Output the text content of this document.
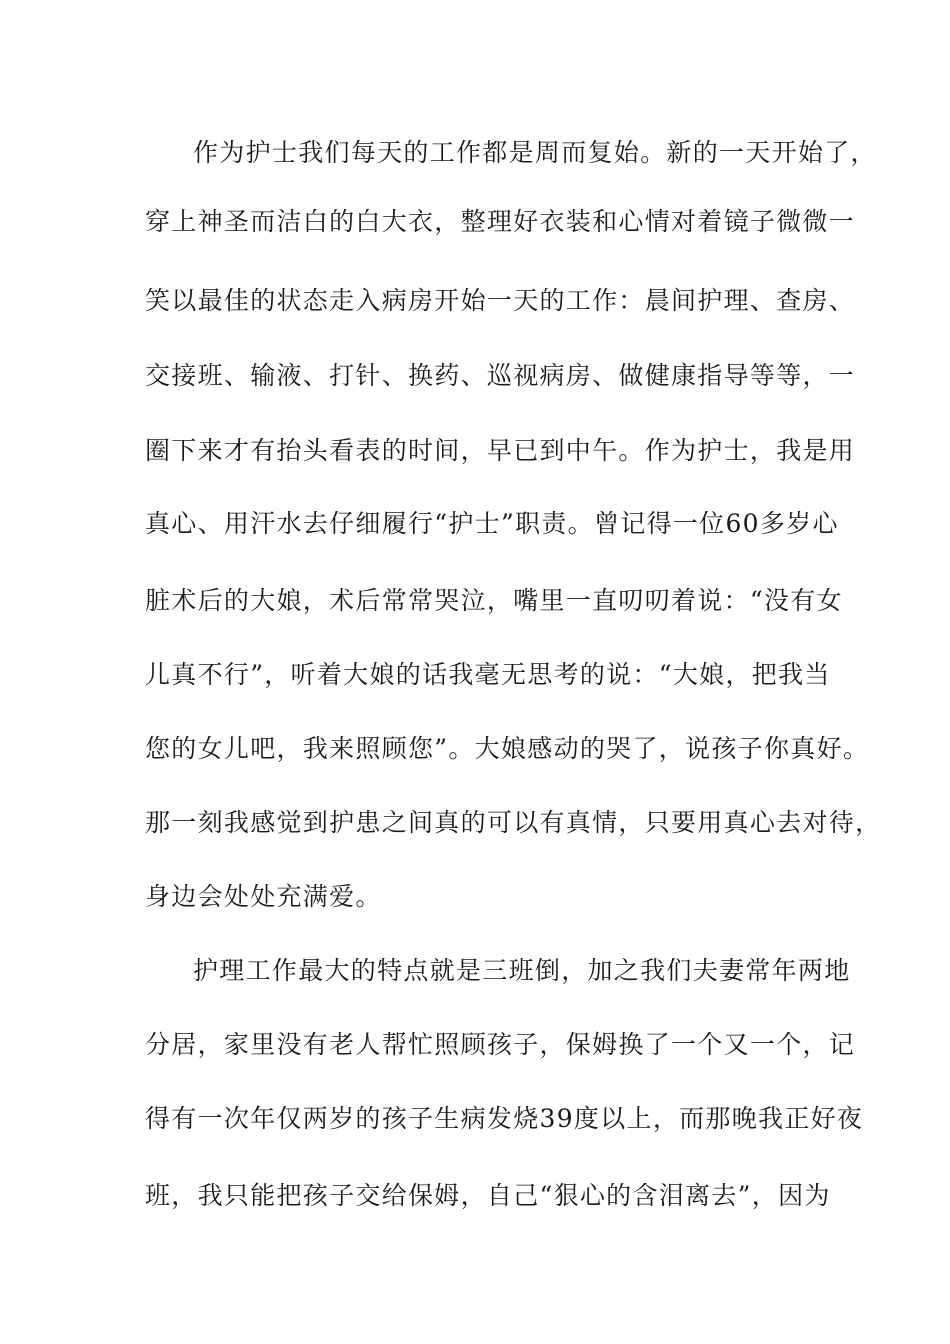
作为护士我们每天的工作都是周而复始。新的一天开始了，
穿上神圣而洁白的白大衣，整理好衣装和心情对着镜子微微一
笑以最佳的状态走入病房开始一天的工作：晨间护理、查房、
交接班、输液、打针、换药、巡视病房、做健康指导等等，一
圈下来才有抬头看表的时间，早已到中午。作为护士，我是用
真心、用汗水去仔细履行“护士”职责。曾记得一位60多岁心
脏术后的大娘，术后常常哭泣，嘴里一直叨叨着说：“没有女
儿真不行”，听着大娘的话我毫无思考的说：“大娘，把我当
您的女儿吧，我来照顾您”。大娘感动的哭了，说孩子你真好。
那一刻我感觉到护患之间真的可以有真情，只要用真心去对待，
身边会处处充满爱。
护理工作最大的特点就是三班倒，加之我们夫妻常年两地
分居，家里没有老人帮忙照顾孩子，保姆换了一个又一个，记
得有一次年仅两岁的孩子生病发烧39度以上，而那晚我正好夜
班，我只能把孩子交给保姆，自己“狠心的含泪离去”，因为
